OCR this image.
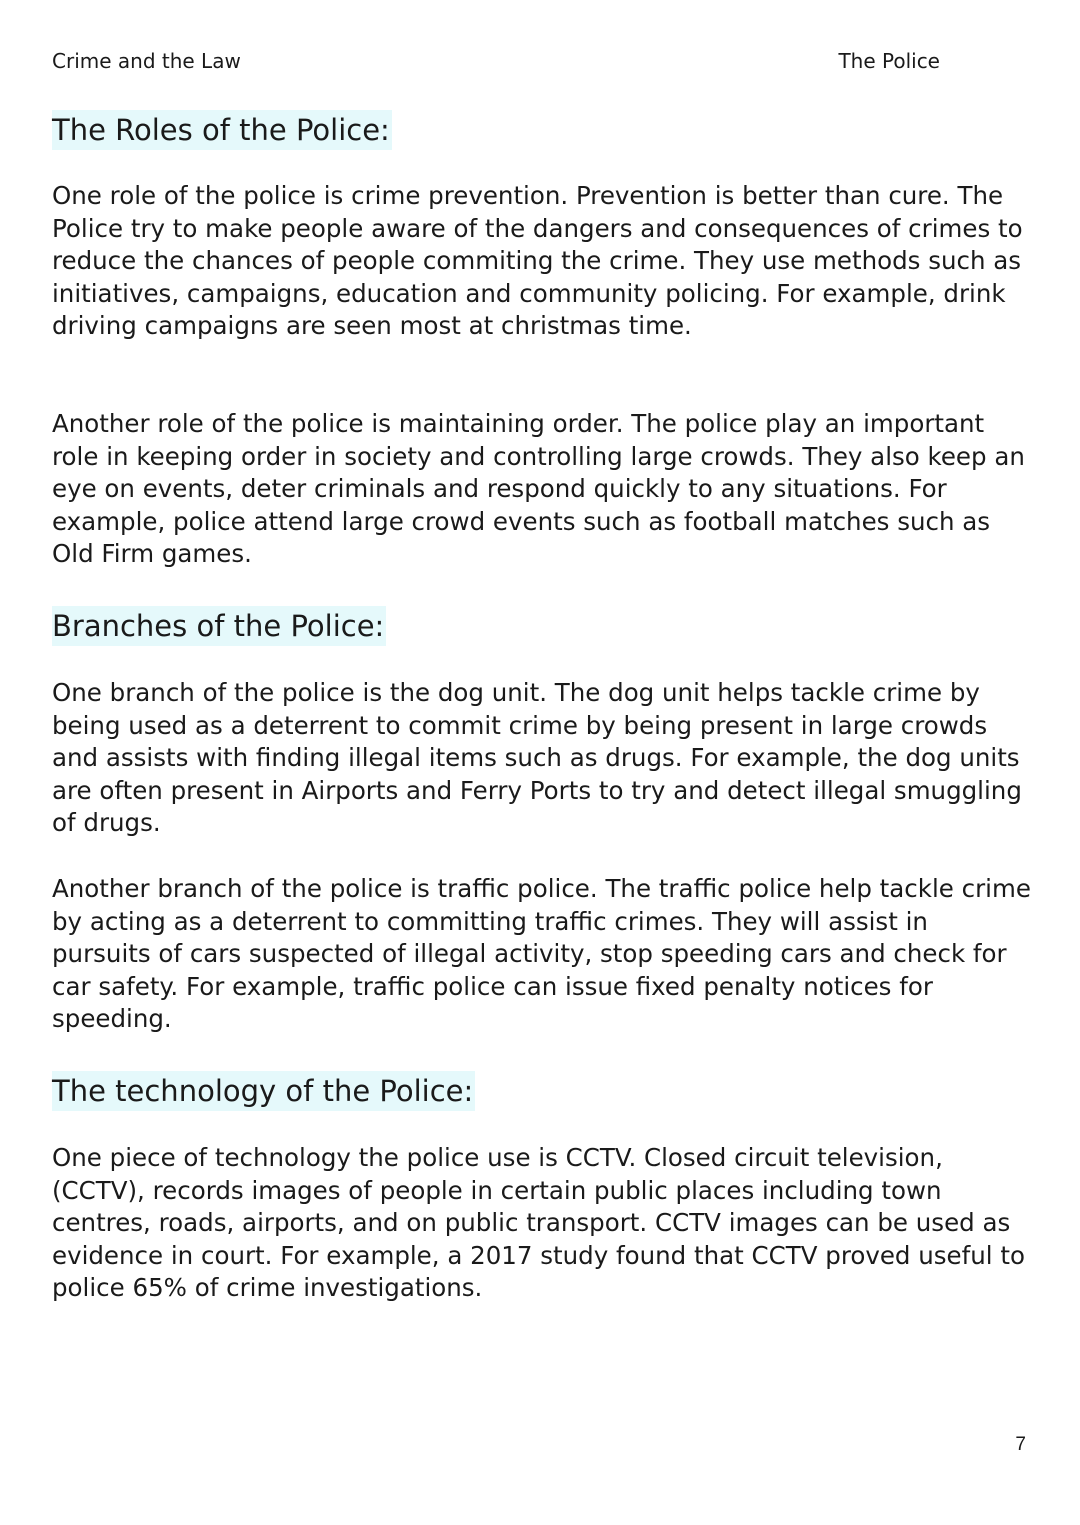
Crime and the Law	The Police
The Roles of the Police:

One role of the police is crime prevention. Prevention is better than cure. The Police try to make people aware of the dangers and consequences of crimes to reduce the chances of people commiting the crime. They use methods such as initiatives, campaigns, education and community policing. For example, drink driving campaigns are seen most at christmas time.

Another role of the police is maintaining order. The police play an important role in keeping order in society and controlling large crowds. They also keep an eye on events, deter criminals and respond quickly to any situations. For example, police attend large crowd events such as football matches such as Old Firm games.

Branches of the Police:

One branch of the police is the dog unit. The dog unit helps tackle crime by being used as a deterrent to commit crime by being present in large crowds and assists with finding illegal items such as drugs. For example, the dog units are often present in Airports and Ferry Ports to try and detect illegal smuggling of drugs.

Another branch of the police is traffic police. The traffic police help tackle crime by acting as a deterrent to committing traffic crimes. They will assist in pursuits of cars suspected of illegal activity, stop speeding cars and check for car safety. For example, traffic police can issue fixed penalty notices for speeding.

The technology of the Police:

One piece of technology the police use is CCTV. Closed circuit television, (CCTV), records images of people in certain public places including town centres, roads, airports, and on public transport. CCTV images can be used as evidence in court. For example, a 2017 study found that CCTV proved useful to police 65% of crime investigations.

7
